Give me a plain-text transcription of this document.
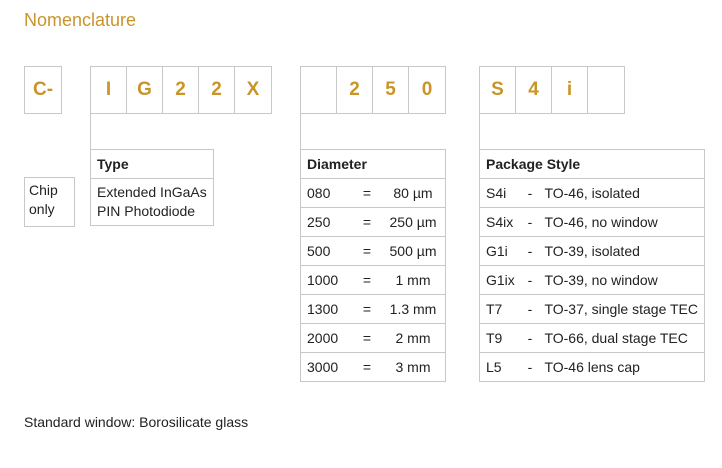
Nomenclature
C-	I	G	2	2	X	2	5	0	S	4	i
Chip
only
Type

Extended InGaAs
PIN Photodiode
Diameter		
080	=	80 µm
250	=	250 µm
500	=	500 µm
1000	=	1 mm
1300	=	1.3 mm
2000	=	2 mm
3000	=	3 mm
Package Style		
S4i	-	TO-46, isolated
S4ix	-	TO-46, no window
G1i	-	TO-39, isolated
G1ix	-	TO-39, no window
T7	-	TO-37, single stage TEC
T9	-	TO-66, dual stage TEC
L5	-	TO-46 lens cap
Standard window: Borosilicate glass
